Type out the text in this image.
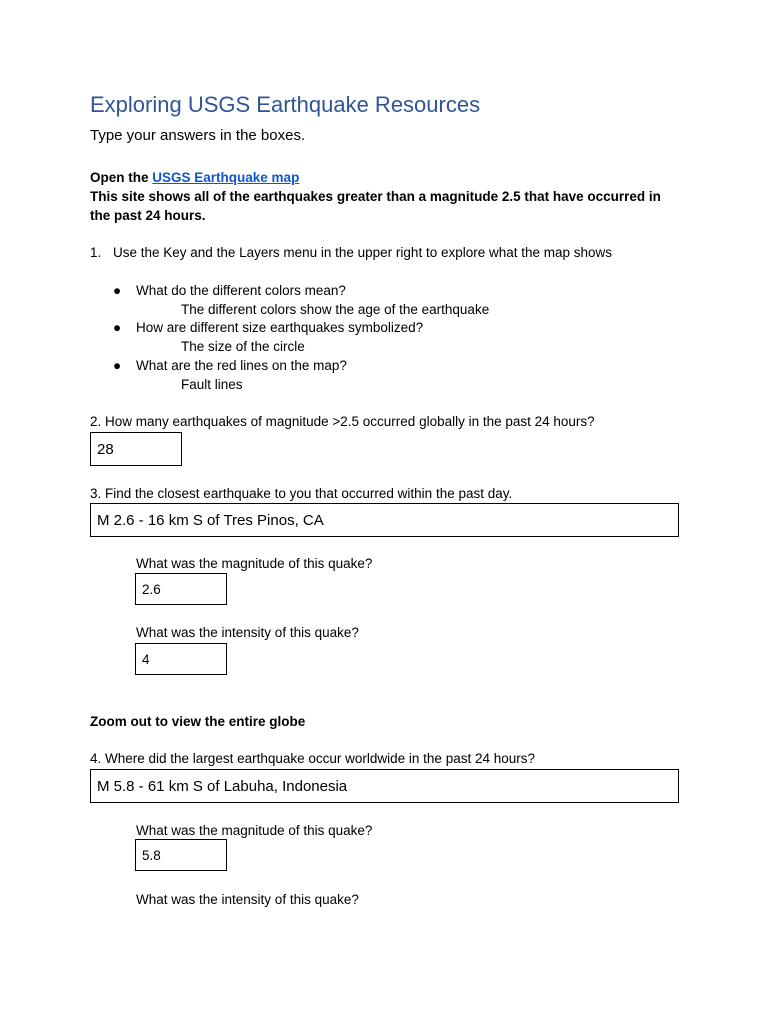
Exploring USGS Earthquake Resources
Type your answers in the boxes.
Open the USGS Earthquake map
This site shows all of the earthquakes greater than a magnitude 2.5 that have occurred in
the past 24 hours.
1. Use the Key and the Layers menu in the upper right to explore what the map shows
● What do the different colors mean?
The different colors show the age of the earthquake
● How are different size earthquakes symbolized?
The size of the circle
● What are the red lines on the map?
Fault lines
2. How many earthquakes of magnitude >2.5 occurred globally in the past 24 hours?
28
3. Find the closest earthquake to you that occurred within the past day.
M 2.6 - 16 km S of Tres Pinos, CA
What was the magnitude of this quake?
2.6
What was the intensity of this quake?
4
Zoom out to view the entire globe
4. Where did the largest earthquake occur worldwide in the past 24 hours?
M 5.8 - 61 km S of Labuha, Indonesia
What was the magnitude of this quake?
5.8
What was the intensity of this quake?
